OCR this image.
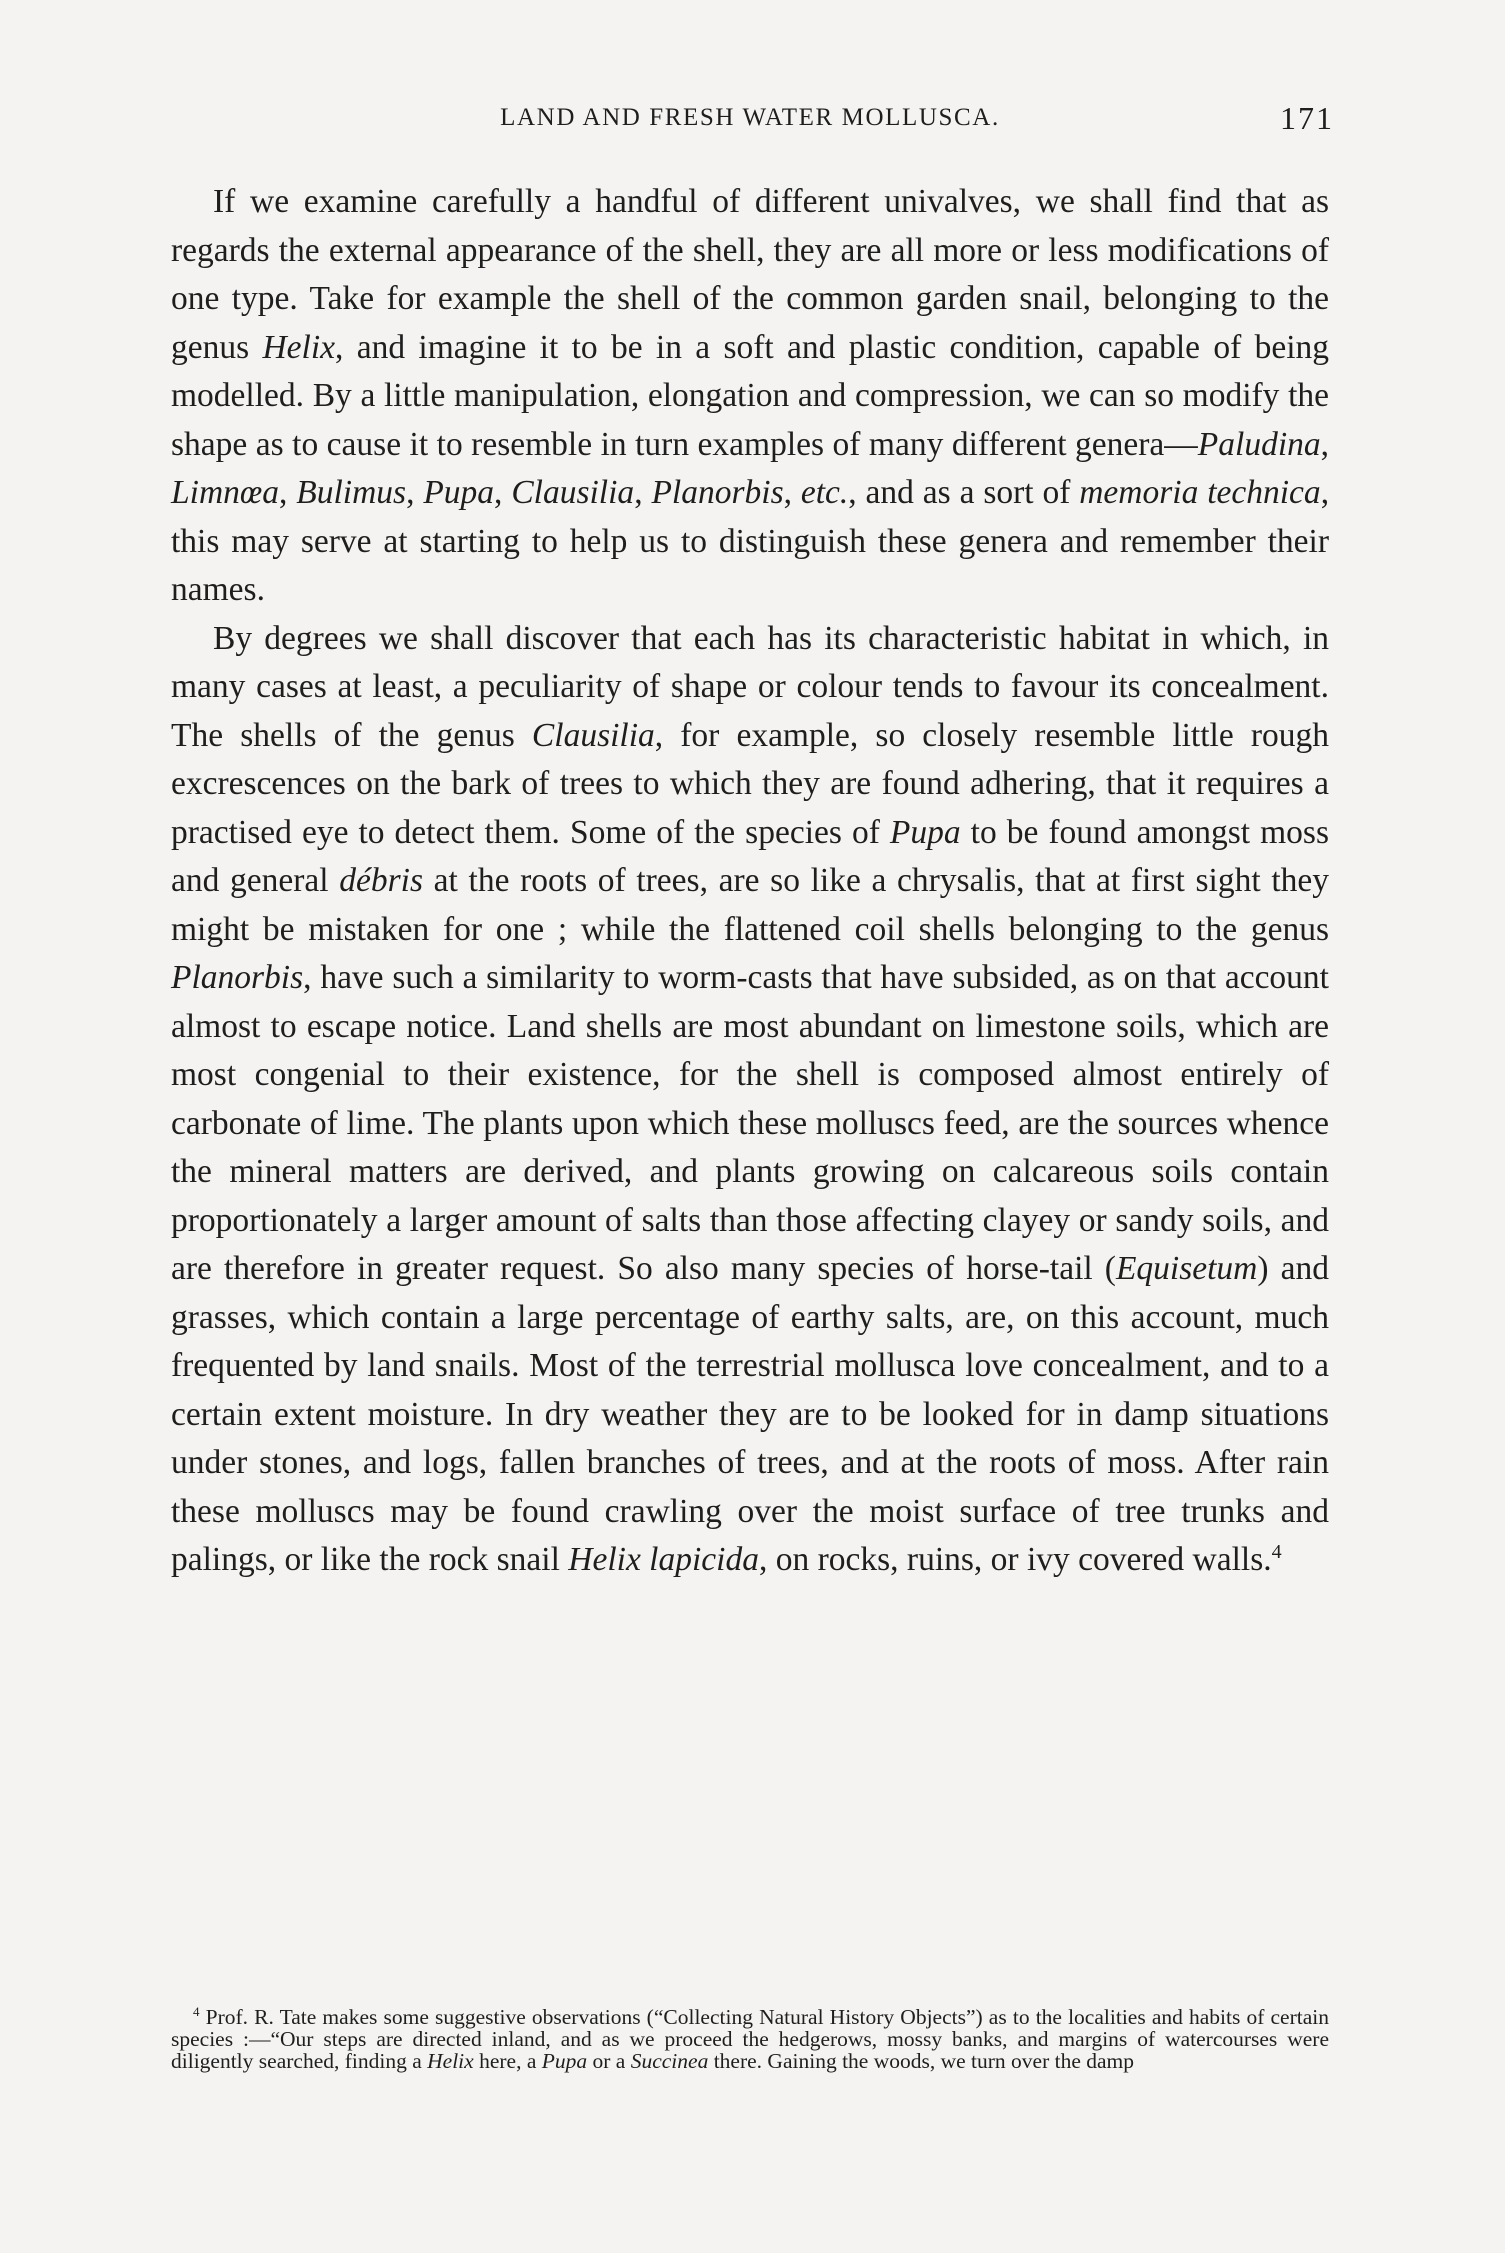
LAND AND FRESH WATER MOLLUSCA.	171

If we examine carefully a handful of different univalves, we shall find that as regards the external appearance of the shell, they are all more or less modifications of one type. Take for example the shell of the common garden snail, belonging to the genus Helix, and imagine it to be in a soft and plastic condition, capable of being modelled. By a little manipulation, elongation and compression, we can so modify the shape as to cause it to resemble in turn examples of many different genera—Paludina, Limnœa, Bulimus, Pupa, Clausilia, Planorbis, etc., and as a sort of memoria technica, this may serve at starting to help us to distinguish these genera and remember their names.

By degrees we shall discover that each has its characteristic habitat in which, in many cases at least, a peculiarity of shape or colour tends to favour its concealment. The shells of the genus Clausilia, for example, so closely resemble little rough excrescences on the bark of trees to which they are found adhering, that it requires a practised eye to detect them. Some of the species of Pupa to be found amongst moss and general débris at the roots of trees, are so like a chrysalis, that at first sight they might be mistaken for one ; while the flattened coil shells belonging to the genus Planorbis, have such a similarity to worm-casts that have subsided, as on that account almost to escape notice. Land shells are most abundant on limestone soils, which are most congenial to their existence, for the shell is composed almost entirely of carbonate of lime. The plants upon which these molluscs feed, are the sources whence the mineral matters are derived, and plants growing on calcareous soils contain proportionately a larger amount of salts than those affecting clayey or sandy soils, and are therefore in greater request. So also many species of horse-tail (Equisetum) and grasses, which contain a large percentage of earthy salts, are, on this account, much frequented by land snails. Most of the terrestrial mollusca love concealment, and to a certain extent moisture. In dry weather they are to be looked for in damp situations under stones, and logs, fallen branches of trees, and at the roots of moss. After rain these molluscs may be found crawling over the moist surface of tree trunks and palings, or like the rock snail Helix lapicida, on rocks, ruins, or ivy covered walls.$^4$

$^4$ Prof. R. Tate makes some suggestive observations (“Collecting Natural History Objects”) as to the localities and habits of certain species :—“Our steps are directed inland, and as we proceed the hedgerows, mossy banks, and margins of watercourses were diligently searched, finding a Helix here, a Pupa or a Succinea there. Gaining the woods, we turn over the damp
